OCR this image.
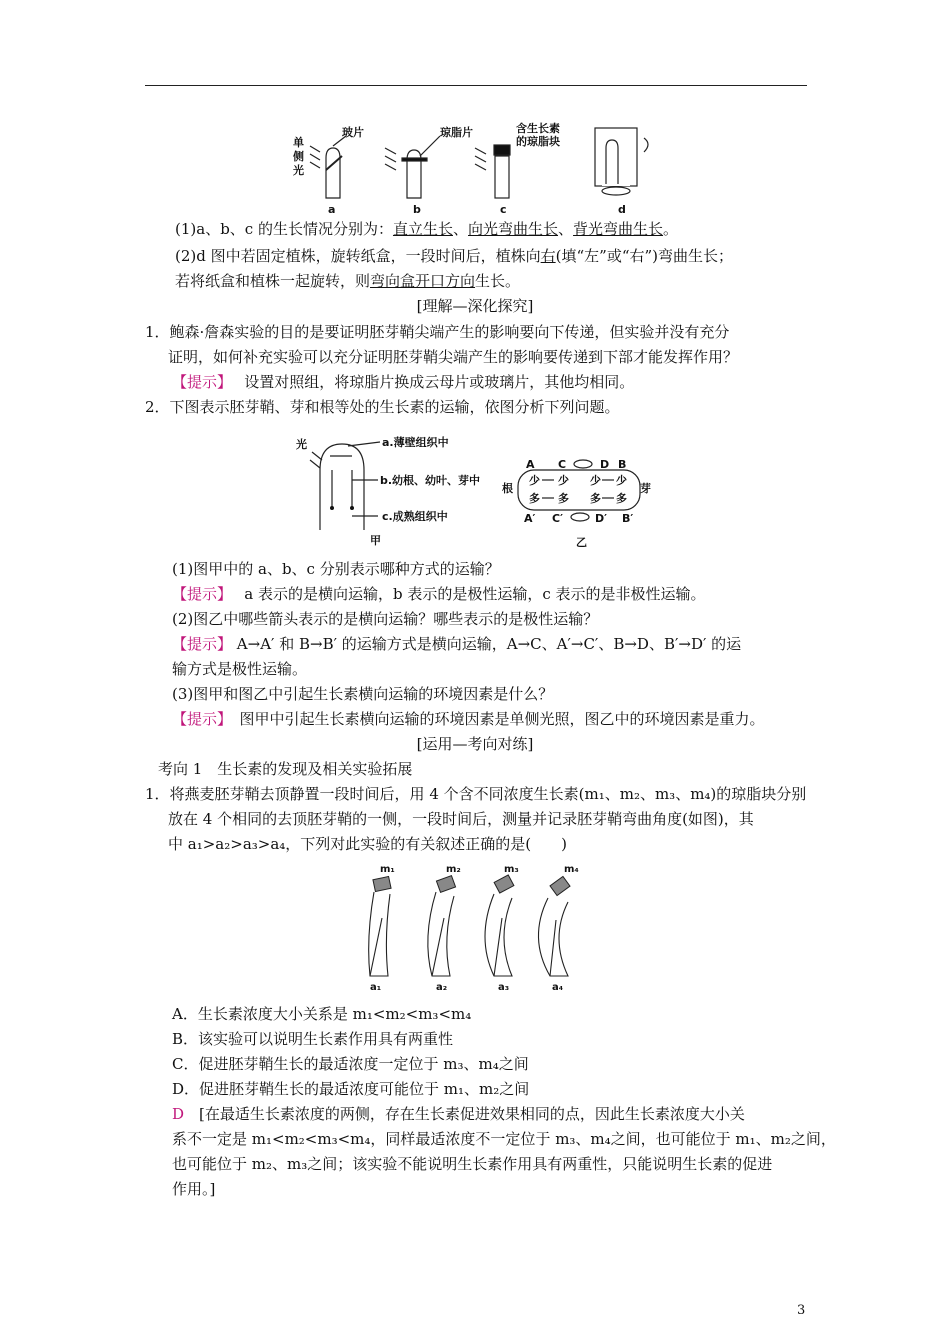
单
侧
光
玻片	琼脂片	含生长素
的琼脂块
a	b	c	d
(1)a、b、c 的生长情况分别为：直立生长、向光弯曲生长、背光弯曲生长。
(2)d 图中若固定植株，旋转纸盒，一段时间后，植株向右(填“左”或“右”)弯曲生长；
若将纸盒和植株一起旋转，则弯向盒开口方向生长。
[理解—深化探究]
1．鲍森·詹森实验的目的是要证明胚芽鞘尖端产生的影响要向下传递，但实验并没有充分
证明，如何补充实验可以充分证明胚芽鞘尖端产生的影响要传递到下部才能发挥作用？
【提示】　 设置对照组，将琼脂片换成云母片或玻璃片，其他均相同。
2．下图表示胚芽鞘、芽和根等处的生长素的运输，依图分析下列问题。
光	a.薄壁组织中
b.幼根、幼叶、芽中
c.成熟组织中
甲	乙
A C	D B
A′ C′	D′ B′
根	芽
少 少 少 少
多 多 多 多
(1)图甲中的 a、b、c 分别表示哪种方式的运输？
【提示】　 a 表示的是横向运输，b 表示的是极性运输，c 表示的是非极性运输。
(2)图乙中哪些箭头表示的是横向运输？哪些表示的是极性运输？
【提示】 A→A′ 和 B→B′ 的运输方式是横向运输，A→C、A′→C′、B→D、B′→D′ 的运
输方式是极性运输。
(3)图甲和图乙中引起生长素横向运输的环境因素是什么？
【提示】　 图甲中引起生长素横向运输的环境因素是单侧光照，图乙中的环境因素是重力。
[运用—考向对练]
考向 1　生长素的发现及相关实验拓展
1．将燕麦胚芽鞘去顶静置一段时间后，用 4 个含不同浓度生长素(m₁、m₂、m₃、m₄)的琼脂块分别
放在 4 个相同的去顶胚芽鞘的一侧，一段时间后，测量并记录胚芽鞘弯曲角度(如图)，其
中 a₁>a₂>a₃>a₄，下列对此实验的有关叙述正确的是(　　)
m₁	m₂	m₃	m₄
a₁	a₂	a₃	a₄
A．生长素浓度大小关系是 m₁<m₂<m₃<m₄
B．该实验可以说明生长素作用具有两重性
C．促进胚芽鞘生长的最适浓度一定位于 m₃、m₄之间
D．促进胚芽鞘生长的最适浓度可能位于 m₁、m₂之间
D　 [在最适生长素浓度的两侧，存在生长素促进效果相同的点，因此生长素浓度大小关
系不一定是 m₁<m₂<m₃<m₄，同样最适浓度不一定位于 m₃、m₄之间，也可能位于 m₁、m₂之间，
也可能位于 m₂、m₃之间；该实验不能说明生长素作用具有两重性，只能说明生长素的促进
作用。]
3
